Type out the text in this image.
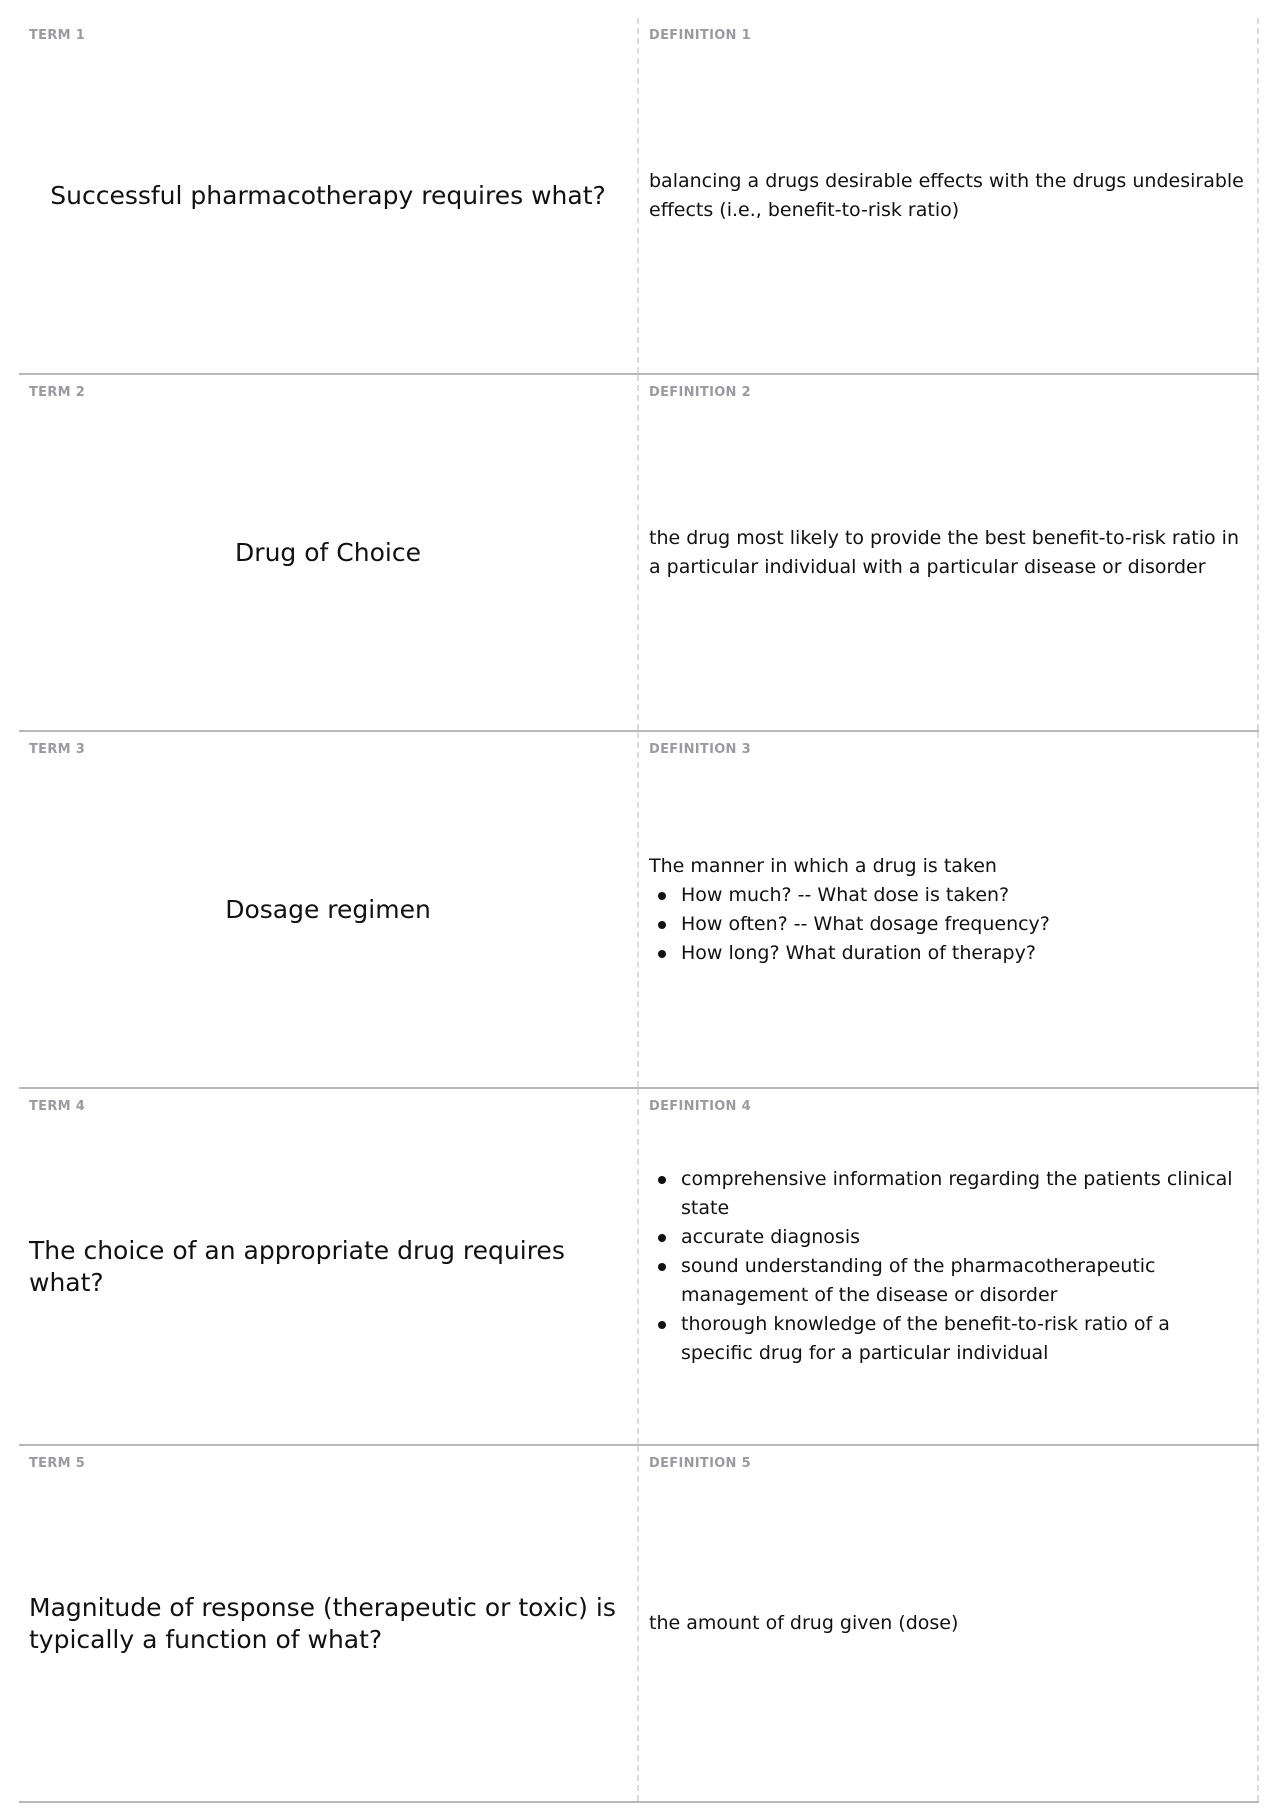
TERM 1
Successful pharmacotherapy requires what?
DEFINITION 1

balancing a drugs desirable effects with the drugs undesirable effects (i.e., benefit-to-risk ratio)

TERM 2
Drug of Choice
DEFINITION 2

the drug most likely to provide the best benefit-to-risk ratio in a particular individual with a particular disease or disorder

TERM 3
Dosage regimen
DEFINITION 3

The manner in which a drug is taken

How much? -- What dose is taken?
How often? -- What dosage frequency?
How long? What duration of therapy?
TERM 4
The choice of an appropriate drug requires what?
DEFINITION 4
comprehensive information regarding the patients clinical state
accurate diagnosis
sound understanding of the pharmacotherapeutic management of the disease or disorder
thorough knowledge of the benefit-to-risk ratio of a specific drug for a particular individual
TERM 5
Magnitude of response (therapeutic or toxic) is typically a function of what?
DEFINITION 5

the amount of drug given (dose)
